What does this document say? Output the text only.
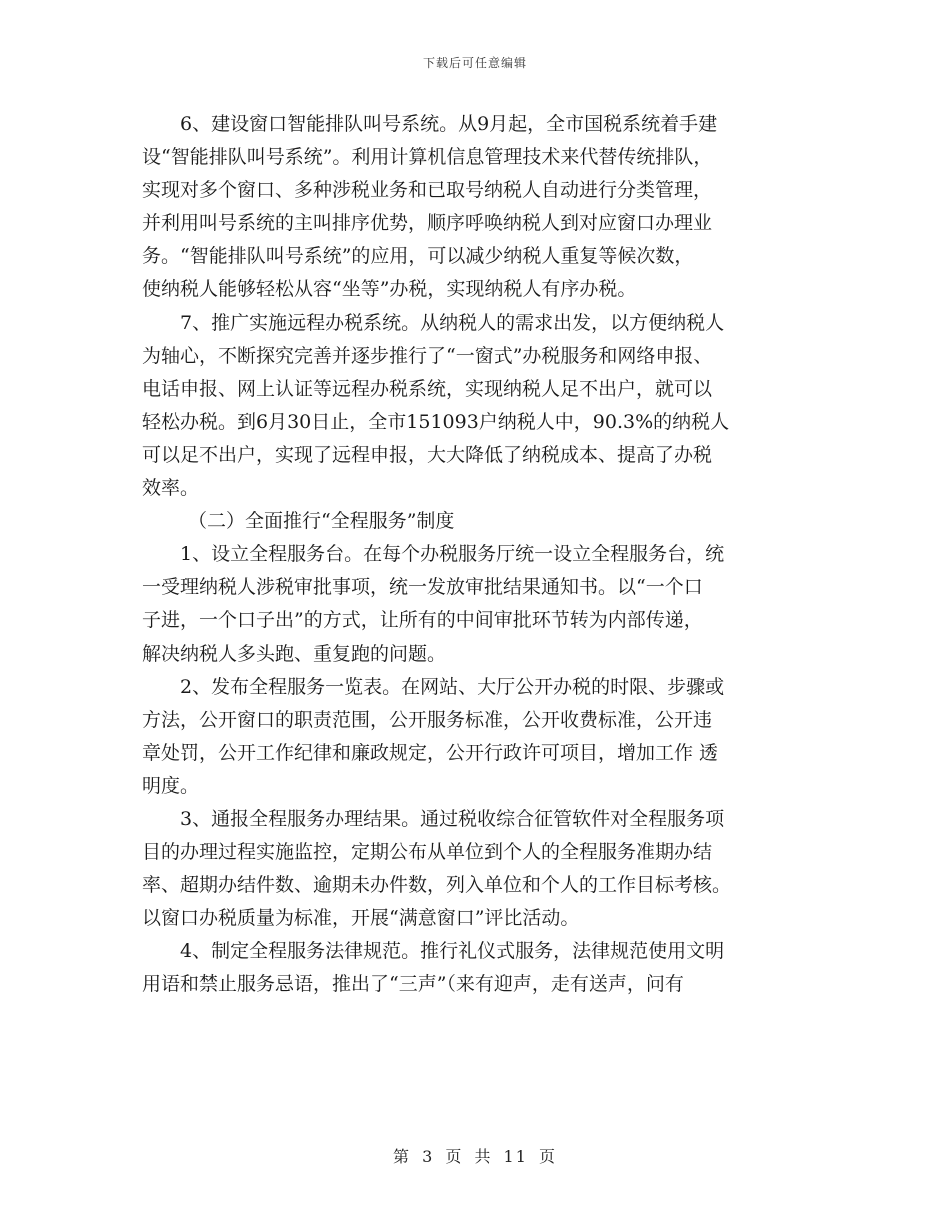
下载后可任意编辑
6、建设窗口智能排队叫号系统。从9月起，全市国税系统着手建
设“智能排队叫号系统”。利用计算机信息管理技术来代替传统排队，
实现对多个窗口、多种涉税业务和已取号纳税人自动进行分类管理，
并利用叫号系统的主叫排序优势，顺序呼唤纳税人到对应窗口办理业
务。“智能排队叫号系统”的应用，可以减少纳税人重复等候次数，
使纳税人能够轻松从容“坐等”办税，实现纳税人有序办税。
7、推广实施远程办税系统。从纳税人的需求出发，以方便纳税人
为轴心，不断探究完善并逐步推行了“一窗式”办税服务和网络申报、
电话申报、网上认证等远程办税系统，实现纳税人足不出户，就可以
轻松办税。到6月30日止，全市151093户纳税人中，90.3%的纳税人
可以足不出户，实现了远程申报，大大降低了纳税成本、提高了办税
效率。
（二）全面推行“全程服务”制度
1、设立全程服务台。在每个办税服务厅统一设立全程服务台，统
一受理纳税人涉税审批事项，统一发放审批结果通知书。以“一个口
子进，一个口子出”的方式，让所有的中间审批环节转为内部传递，
解决纳税人多头跑、重复跑的问题。
2、发布全程服务一览表。在网站、大厅公开办税的时限、步骤或
方法，公开窗口的职责范围，公开服务标准，公开收费标准，公开违
章处罚，公开工作纪律和廉政规定，公开行政许可项目，增加工作 透
明度。
3、通报全程服务办理结果。通过税收综合征管软件对全程服务项
目的办理过程实施监控，定期公布从单位到个人的全程服务准期办结
率、超期办结件数、逾期未办件数，列入单位和个人的工作目标考核。
以窗口办税质量为标准，开展“满意窗口”评比活动。
4、制定全程服务法律规范。推行礼仪式服务，法律规范使用文明
用语和禁止服务忌语，推出了“三声”（来有迎声，走有送声，问有
第 3 页 共 11 页
